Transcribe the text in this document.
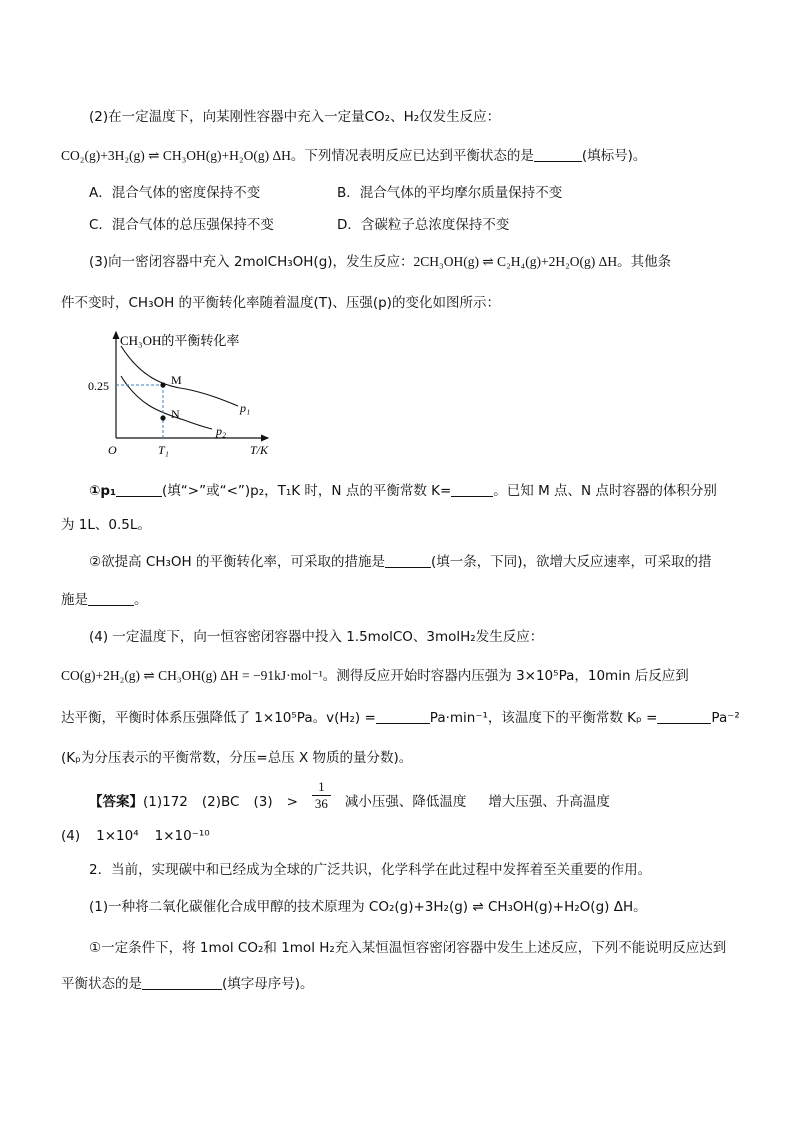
(2)在一定温度下，向某刚性容器中充入一定量CO₂、H₂仅发生反应：
CO₂(g)+3H₂(g) ⇌ CH₃OH(g)+H₂O(g) ΔH。下列情况表明反应已达到平衡状态的是	(填标号)。
A．混合气体的密度保持不变	B．混合气体的平均摩尔质量保持不变
C．混合气体的总压强保持不变	D．含碳粒子总浓度保持不变
(3)向一密闭容器中充入 2molCH₃OH(g)，发生反应：2CH₃OH(g) ⇌ C₂H₄(g)+2H₂O(g) ΔH。其他条
件不变时，CH₃OH 的平衡转化率随着温度(T)、压强(p)的变化如图所示：
CH₃OH的平衡转化率
0.25	M
N	p₁
p₂
O	T₁	T/K
①p₁	(填“>”或“<”)p₂，T₁K 时，N 点的平衡常数 K=	。已知 M 点、N 点时容器的体积分别
为 1L、0.5L。
②欲提高 CH₃OH 的平衡转化率，可采取的措施是	(填一条，下同)，欲增大反应速率，可采取的措
施是	。
(4) 一定温度下，向一恒容密闭容器中投入 1.5molCO、3molH₂发生反应：
CO(g)+2H₂(g) ⇌ CH₃OH(g) ΔH = −91kJ·mol⁻¹。测得反应开始时容器内压强为 3×10⁵Pa，10min 后反应到
达平衡，平衡时体系压强降低了 1×10⁵Pa。v(H₂) =	Pa·min⁻¹，该温度下的平衡常数 Kₚ =	Pa⁻²
(Kₚ为分压表示的平衡常数，分压=总压 X 物质的量分数)。
【答案】(1)172 (2)BC $(3) > \frac{1}{36}$ 减小压强、降低温度 增大压强、升高温度
(4) 1×10⁴ 1×10⁻¹⁰
2．当前，实现碳中和已经成为全球的广泛共识，化学科学在此过程中发挥着至关重要的作用。
(1)一种将二氧化碳催化合成甲醇的技术原理为 CO₂(g)+3H₂(g) ⇌ CH₃OH(g)+H₂O(g) ΔH。
①一定条件下，将 1mol CO₂和 1mol H₂充入某恒温恒容密闭容器中发生上述反应，下列不能说明反应达到
平衡状态的是	(填字母序号)。
